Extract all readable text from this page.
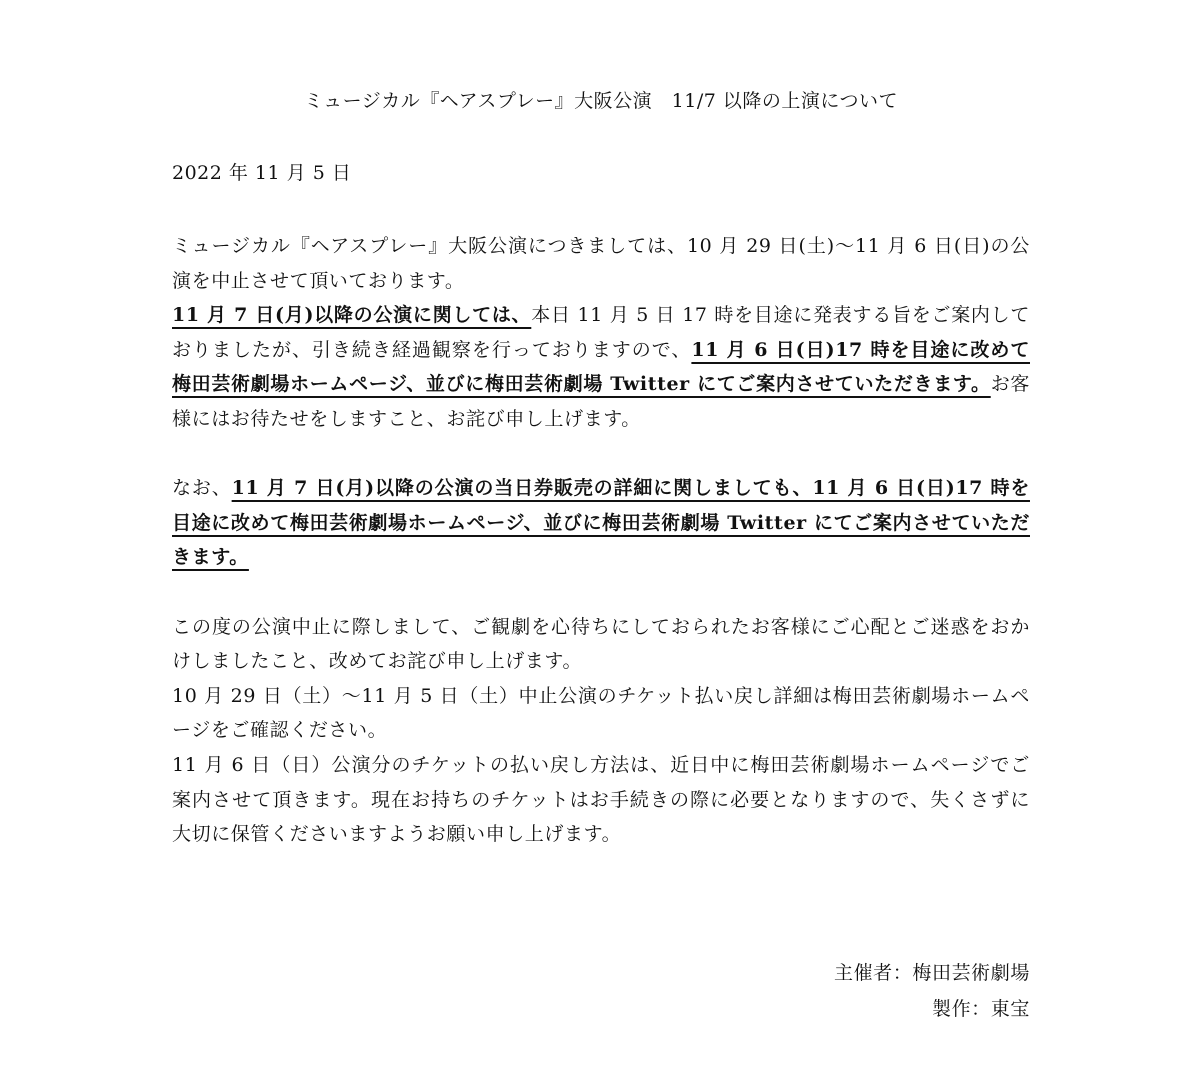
ミュージカル『ヘアスプレー』大阪公演　11/7 以降の上演について
2022 年 11 月 5 日

ミュージカル『ヘアスプレー』大阪公演につきましては、10 月 29 日(土)～11 月 6 日(日)の公演を中止させて頂いております。

11 月 7 日(月)以降の公演に関しては、本日 11 月 5 日 17 時を目途に発表する旨をご案内しておりましたが、引き続き経過観察を行っておりますので、11 月 6 日(日)17 時を目途に改めて梅田芸術劇場ホームページ、並びに梅田芸術劇場 Twitter にてご案内させていただきます。お客様にはお待たせをしますこと、お詫び申し上げます。

なお、11 月 7 日(月)以降の公演の当日券販売の詳細に関しましても、11 月 6 日(日)17 時を目途に改めて梅田芸術劇場ホームページ、並びに梅田芸術劇場 Twitter にてご案内させていただきます。

この度の公演中止に際しまして、ご観劇を心待ちにしておられたお客様にご心配とご迷惑をおかけしましたこと、改めてお詫び申し上げます。

10 月 29 日（土）～11 月 5 日（土）中止公演のチケット払い戻し詳細は梅田芸術劇場ホームページをご確認ください。

11 月 6 日（日）公演分のチケットの払い戻し方法は、近日中に梅田芸術劇場ホームページでご案内させて頂きます。現在お持ちのチケットはお手続きの際に必要となりますので、失くさずに大切に保管くださいますようお願い申し上げます。

主催者：梅田芸術劇場
製作：東宝
